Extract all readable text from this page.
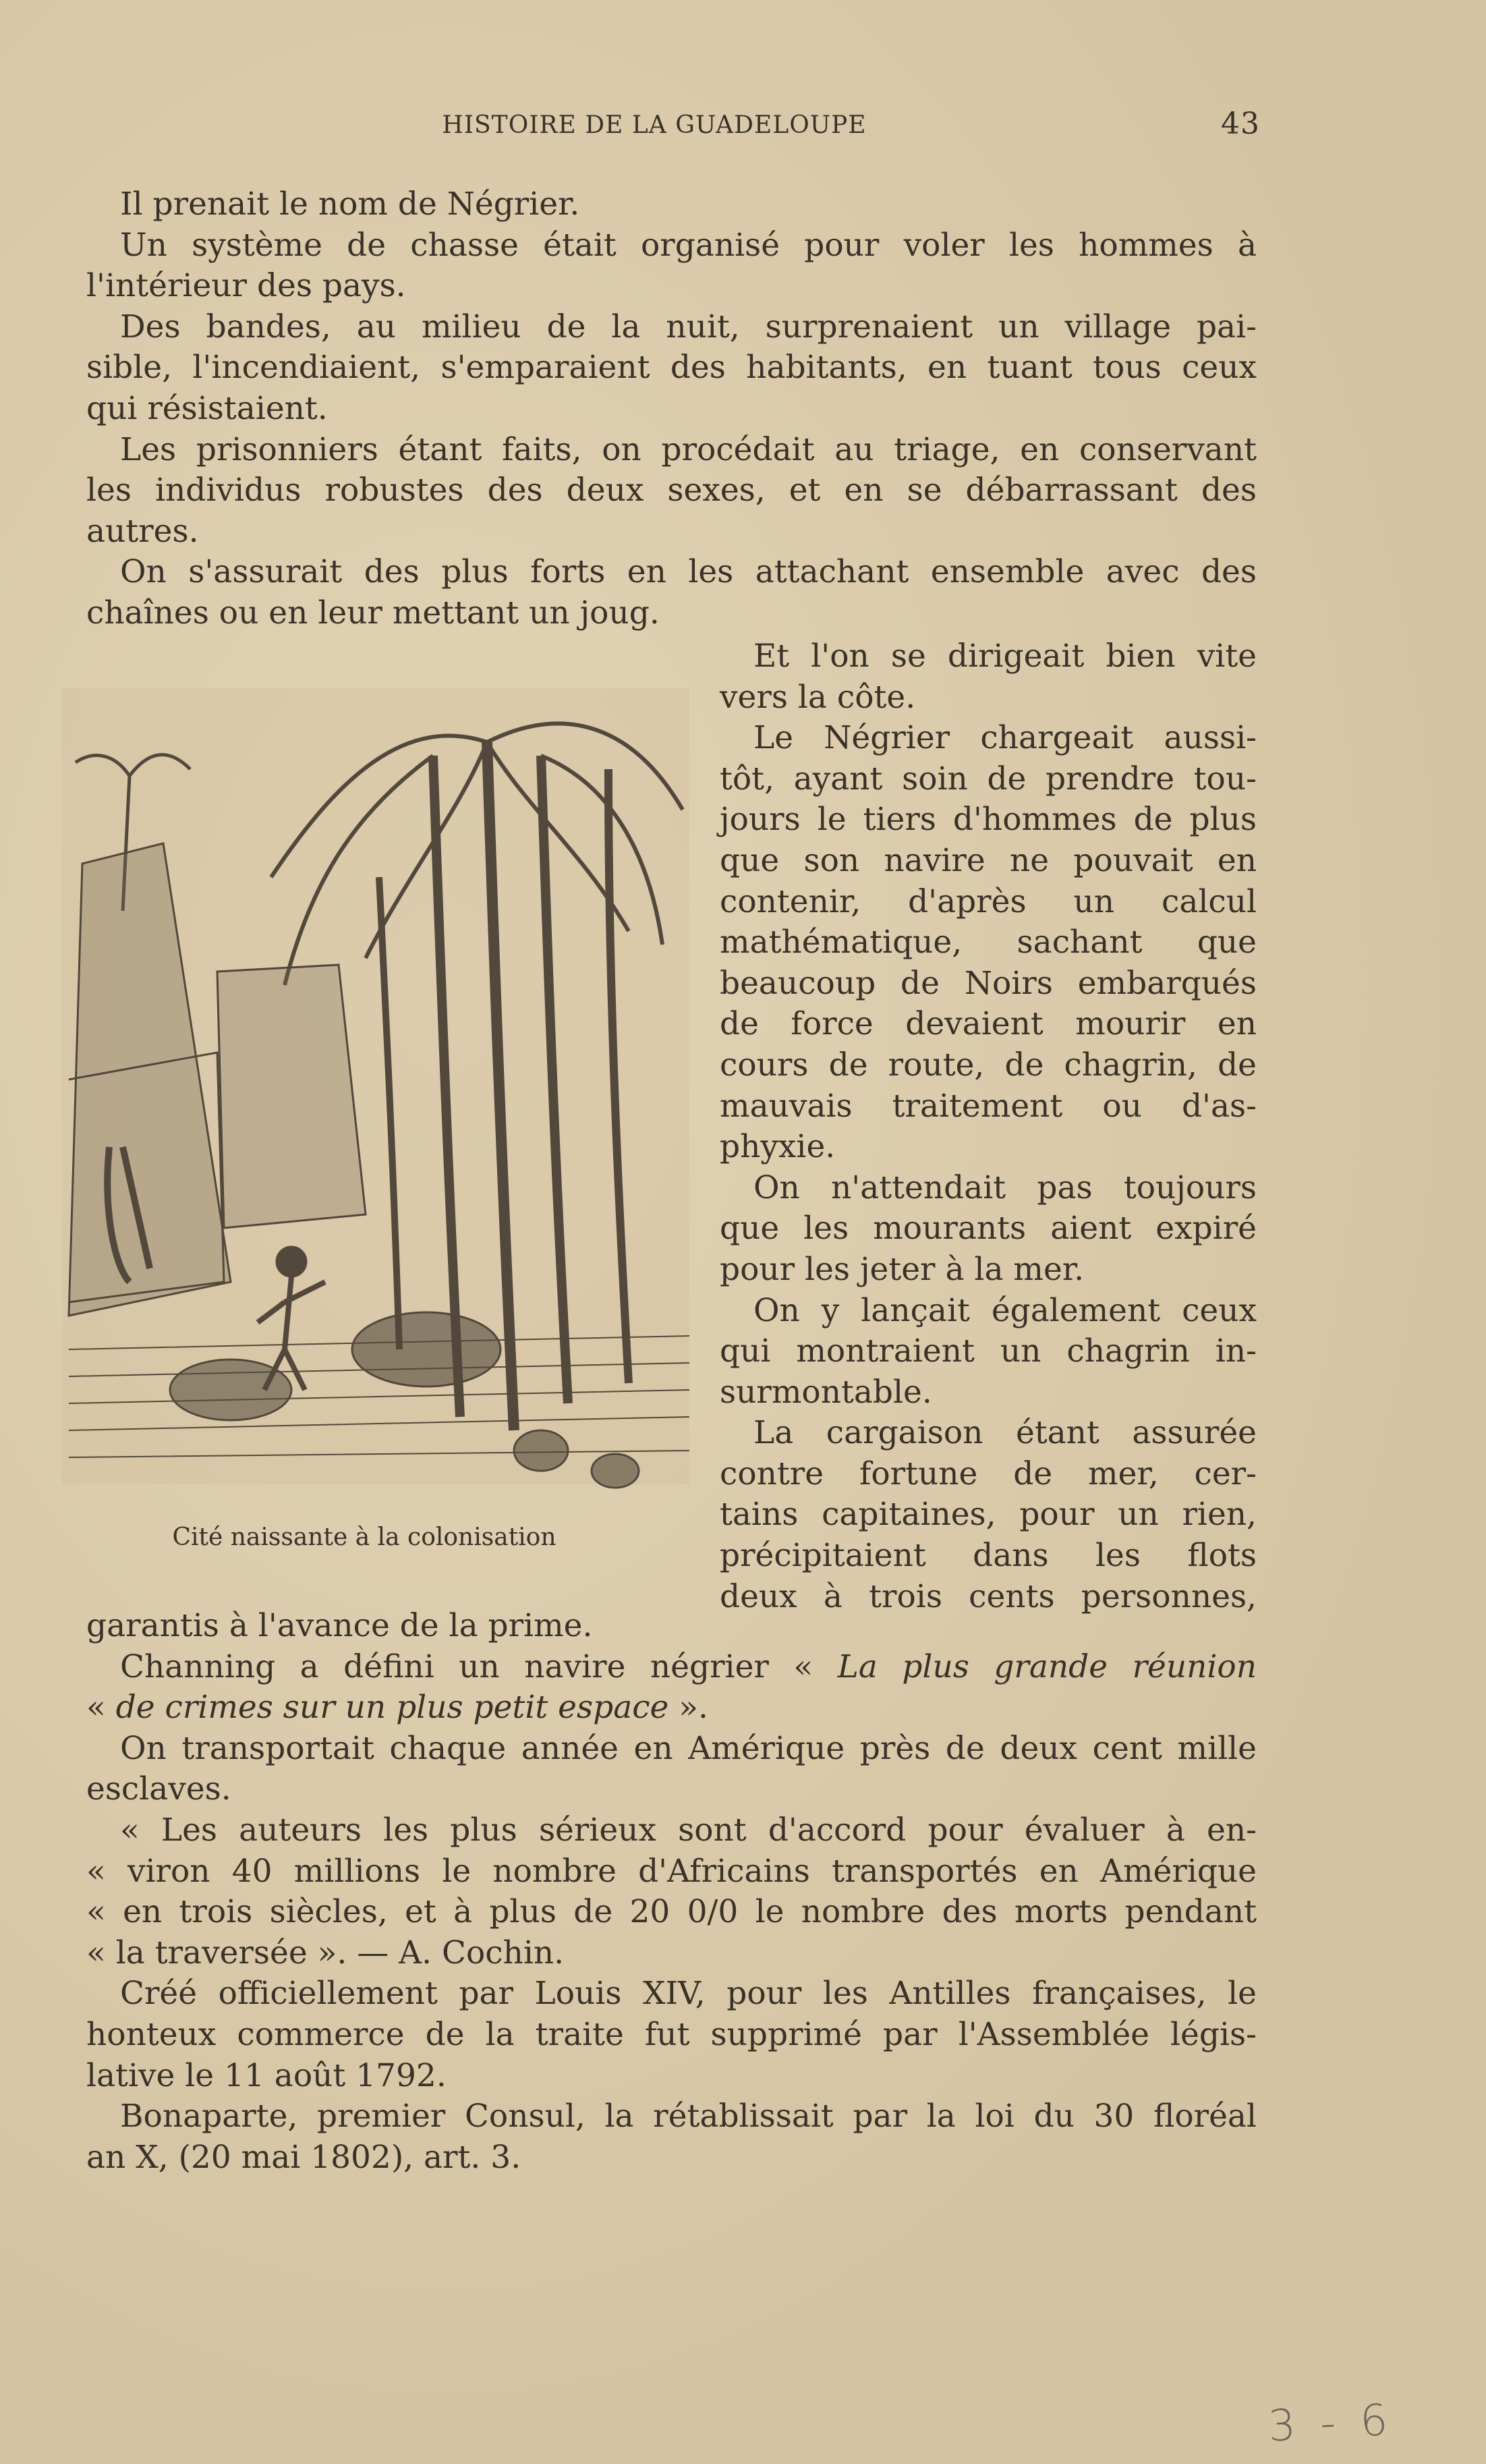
HISTOIRE DE LA GUADELOUPE	43
Il prenait le nom de Négrier.
Un système de chasse était organisé pour voler les hommes à
l'intérieur des pays.
Des bandes, au milieu de la nuit, surprenaient un village pai-
sible, l'incendiaient, s'emparaient des habitants, en tuant tous ceux
qui résistaient.
Les prisonniers étant faits, on procédait au triage, en conservant
les individus robustes des deux sexes, et en se débarrassant des
autres.
On s'assurait des plus forts en les attachant ensemble avec des
chaînes ou en leur mettant un joug.
Cité naissante à la colonisation
Et l'on se dirigeait bien vite
vers la côte.
Le Négrier chargeait aussi-
tôt, ayant soin de prendre tou-
jours le tiers d'hommes de plus
que son navire ne pouvait en
contenir, d'après un calcul
mathématique, sachant que
beaucoup de Noirs embarqués
de force devaient mourir en
cours de route, de chagrin, de
mauvais traitement ou d'as-
phyxie.
On n'attendait pas toujours
que les mourants aient expiré
pour les jeter à la mer.
On y lançait également ceux
qui montraient un chagrin in-
surmontable.
La cargaison étant assurée
contre fortune de mer, cer-
tains capitaines, pour un rien,
précipitaient dans les flots
deux à trois cents personnes,
garantis à l'avance de la prime.
Channing a défini un navire négrier « La plus grande réunion
« de crimes sur un plus petit espace ».
On transportait chaque année en Amérique près de deux cent mille
esclaves.
« Les auteurs les plus sérieux sont d'accord pour évaluer à en-
« viron 40 millions le nombre d'Africains transportés en Amérique
« en trois siècles, et à plus de 20 0/0 le nombre des morts pendant
« la traversée ». — A. Cochin.
Créé officiellement par Louis XIV, pour les Antilles françaises, le
honteux commerce de la traite fut supprimé par l'Assemblée légis-
lative le 11 août 1792.
Bonaparte, premier Consul, la rétablissait par la loi du 30 floréal
an X, (20 mai 1802), art. 3.
3 - 6
